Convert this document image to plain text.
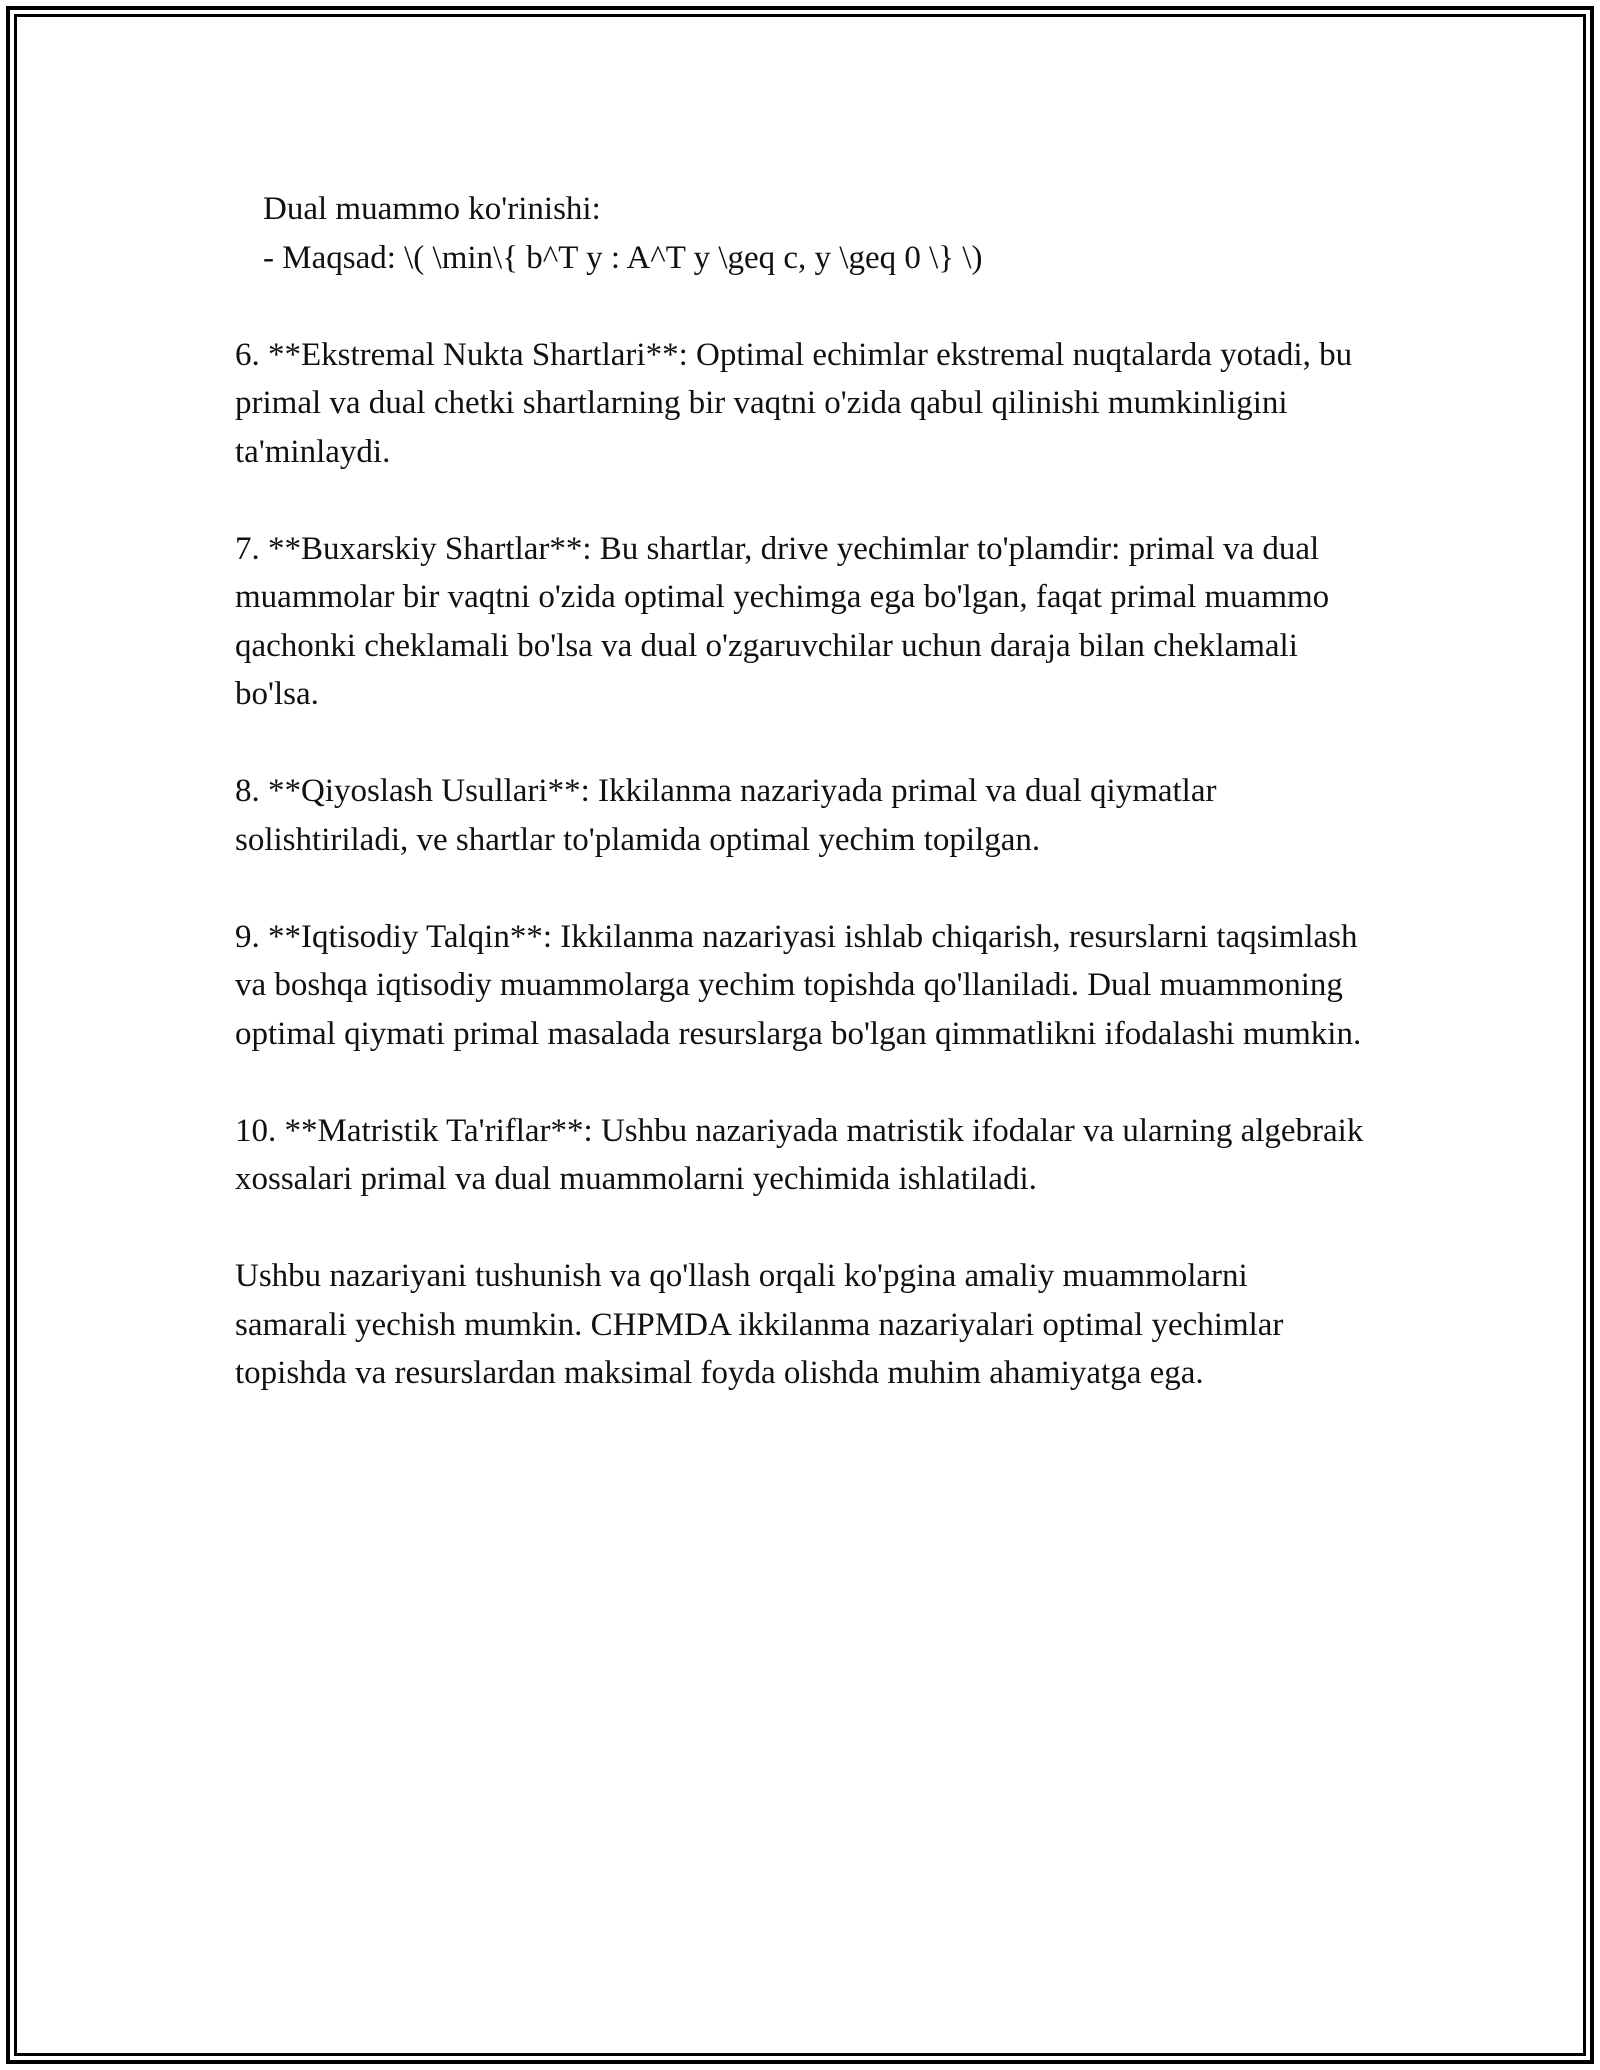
Dual muammo ko'rinishi:

- Maqsad: \( \min\{ b^T y : A^T y \geq c, y \geq 0 \} \)

6. **Ekstremal Nukta Shartlari**: Optimal echimlar ekstremal nuqtalarda yotadi, bu primal va dual chetki shartlarning bir vaqtni o'zida qabul qilinishi mumkinligini ta'minlaydi.

7. **Buxarskiy Shartlar**: Bu shartlar, drive yechimlar to'plamdir: primal va dual muammolar bir vaqtni o'zida optimal yechimga ega bo'lgan, faqat primal muammo qachonki cheklamali bo'lsa va dual o'zgaruvchilar uchun daraja bilan cheklamali bo'lsa.

8. **Qiyoslash Usullari**: Ikkilanma nazariyada primal va dual qiymatlar solishtiriladi, ve shartlar to'plamida optimal yechim topilgan.

9. **Iqtisodiy Talqin**: Ikkilanma nazariyasi ishlab chiqarish, resurslarni taqsimlash va boshqa iqtisodiy muammolarga yechim topishda qo'llaniladi. Dual muammoning optimal qiymati primal masalada resurslarga bo'lgan qimmatlikni ifodalashi mumkin.

10. **Matristik Ta'riflar**: Ushbu nazariyada matristik ifodalar va ularning algebraik xossalari primal va dual muammolarni yechimida ishlatiladi.

Ushbu nazariyani tushunish va qo'llash orqali ko'pgina amaliy muammolarni samarali yechish mumkin. CHPMDA ikkilanma nazariyalari optimal yechimlar topishda va resurslardan maksimal foyda olishda muhim ahamiyatga ega.
